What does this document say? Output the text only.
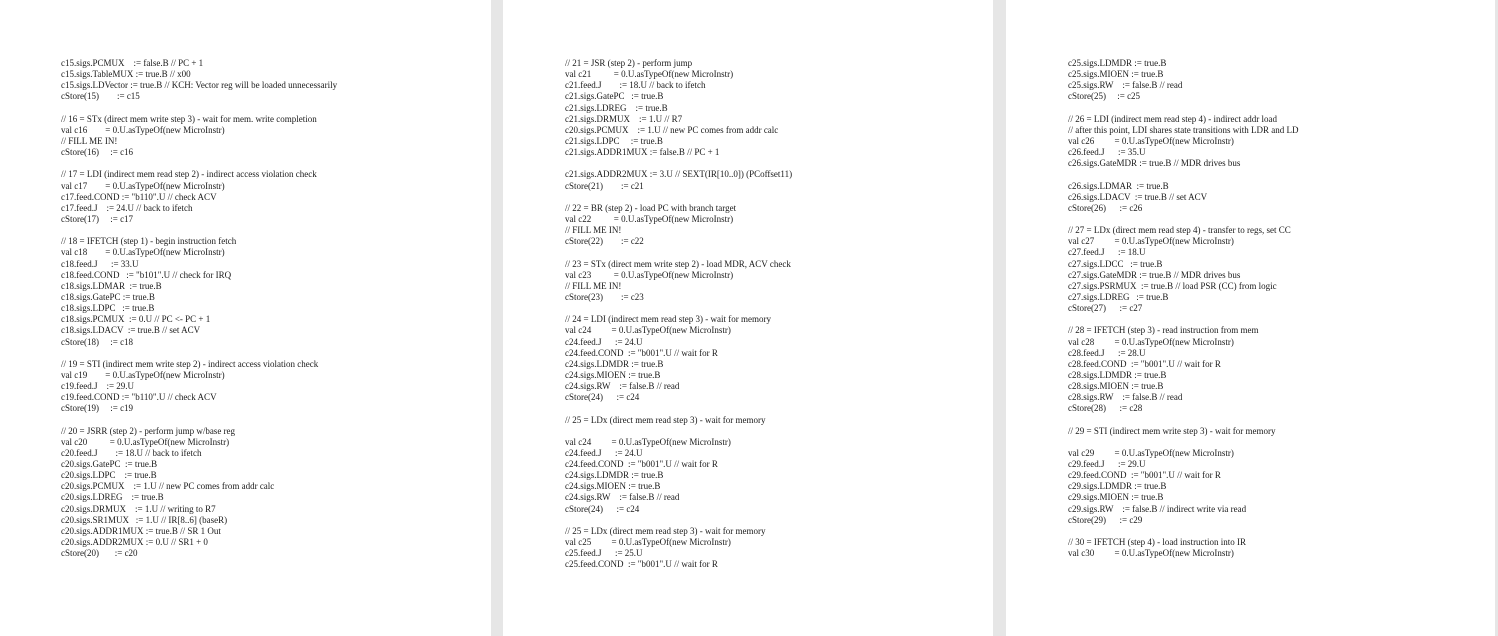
c15.sigs.PCMUX    := false.B // PC + 1
c15.sigs.TableMUX := true.B // x00
c15.sigs.LDVector := true.B // KCH: Vector reg will be loaded unnecessarily
cStore(15)        := c15
// 16 = STx (direct mem write step 3) - wait for mem. write completion
val c16        = 0.U.asTypeOf(new MicroInstr)
// FILL ME IN!
cStore(16)     := c16
// 17 = LDI (indirect mem read step 2) - indirect access violation check
val c17        = 0.U.asTypeOf(new MicroInstr)
c17.feed.COND := "b110".U // check ACV
c17.feed.J    := 24.U // back to ifetch
cStore(17)     := c17
// 18 = IFETCH (step 1) - begin instruction fetch
val c18        = 0.U.asTypeOf(new MicroInstr)
c18.feed.J      := 33.U
c18.feed.COND   := "b101".U // check for IRQ
c18.sigs.LDMAR  := true.B
c18.sigs.GatePC := true.B
c18.sigs.LDPC   := true.B
c18.sigs.PCMUX  := 0.U // PC <- PC + 1
c18.sigs.LDACV  := true.B // set ACV
cStore(18)     := c18
// 19 = STI (indirect mem write step 2) - indirect access violation check
val c19        = 0.U.asTypeOf(new MicroInstr)
c19.feed.J    := 29.U
c19.feed.COND := "b110".U // check ACV
cStore(19)     := c19
// 20 = JSRR (step 2) - perform jump w/base reg
val c20          = 0.U.asTypeOf(new MicroInstr)
c20.feed.J        := 18.U // back to ifetch
c20.sigs.GatePC  := true.B
c20.sigs.LDPC    := true.B
c20.sigs.PCMUX    := 1.U // new PC comes from addr calc
c20.sigs.LDREG    := true.B
c20.sigs.DRMUX    := 1.U // writing to R7
c20.sigs.SR1MUX   := 1.U // IR[8..6] (baseR)
c20.sigs.ADDR1MUX := true.B // SR 1 Out
c20.sigs.ADDR2MUX := 0.U // SR1 + 0
cStore(20)       := c20
// 21 = JSR (step 2) - perform jump
val c21          = 0.U.asTypeOf(new MicroInstr)
c21.feed.J        := 18.U // back to ifetch
c21.sigs.GatePC   := true.B
c21.sigs.LDREG    := true.B
c21.sigs.DRMUX    := 1.U // R7
c20.sigs.PCMUX    := 1.U // new PC comes from addr calc
c21.sigs.LDPC     := true.B
c21.sigs.ADDR1MUX := false.B // PC + 1
c21.sigs.ADDR2MUX := 3.U // SEXT(IR[10..0]) (PCoffset11)
cStore(21)        := c21
// 22 = BR (step 2) - load PC with branch target
val c22          = 0.U.asTypeOf(new MicroInstr)
// FILL ME IN!
cStore(22)        := c22
// 23 = STx (direct mem write step 2) - load MDR, ACV check
val c23          = 0.U.asTypeOf(new MicroInstr)
// FILL ME IN!
cStore(23)        := c23
// 24 = LDI (indirect mem read step 3) - wait for memory
val c24         = 0.U.asTypeOf(new MicroInstr)
c24.feed.J      := 24.U
c24.feed.COND  := "b001".U // wait for R
c24.sigs.LDMDR := true.B
c24.sigs.MIOEN := true.B
c24.sigs.RW    := false.B // read
cStore(24)      := c24
// 25 = LDx (direct mem read step 3) - wait for memory
val c24         = 0.U.asTypeOf(new MicroInstr)
c24.feed.J      := 24.U
c24.feed.COND  := "b001".U // wait for R
c24.sigs.LDMDR := true.B
c24.sigs.MIOEN := true.B
c24.sigs.RW    := false.B // read
cStore(24)      := c24
// 25 = LDx (direct mem read step 3) - wait for memory
val c25         = 0.U.asTypeOf(new MicroInstr)
c25.feed.J      := 25.U
c25.feed.COND  := "b001".U // wait for R
c25.sigs.LDMDR := true.B
c25.sigs.MIOEN := true.B
c25.sigs.RW    := false.B // read
cStore(25)     := c25
// 26 = LDI (indirect mem read step 4) - indirect addr load
// after this point, LDI shares state transitions with LDR and LD
val c26         = 0.U.asTypeOf(new MicroInstr)
c26.feed.J      := 35.U
c26.sigs.GateMDR := true.B // MDR drives bus
c26.sigs.LDMAR  := true.B
c26.sigs.LDACV  := true.B // set ACV
cStore(26)      := c26
// 27 = LDx (direct mem read step 4) - transfer to regs, set CC
val c27         = 0.U.asTypeOf(new MicroInstr)
c27.feed.J      := 18.U
c27.sigs.LDCC   := true.B
c27.sigs.GateMDR := true.B // MDR drives bus
c27.sigs.PSRMUX  := true.B // load PSR (CC) from logic
c27.sigs.LDREG   := true.B
cStore(27)      := c27
// 28 = IFETCH (step 3) - read instruction from mem
val c28         = 0.U.asTypeOf(new MicroInstr)
c28.feed.J      := 28.U
c28.feed.COND  := "b001".U // wait for R
c28.sigs.LDMDR := true.B
c28.sigs.MIOEN := true.B
c28.sigs.RW    := false.B // read
cStore(28)      := c28
// 29 = STI (indirect mem write step 3) - wait for memory
val c29         = 0.U.asTypeOf(new MicroInstr)
c29.feed.J      := 29.U
c29.feed.COND  := "b001".U // wait for R
c29.sigs.LDMDR := true.B
c29.sigs.MIOEN := true.B
c29.sigs.RW    := false.B // indirect write via read
cStore(29)      := c29
// 30 = IFETCH (step 4) - load instruction into IR
val c30         = 0.U.asTypeOf(new MicroInstr)
